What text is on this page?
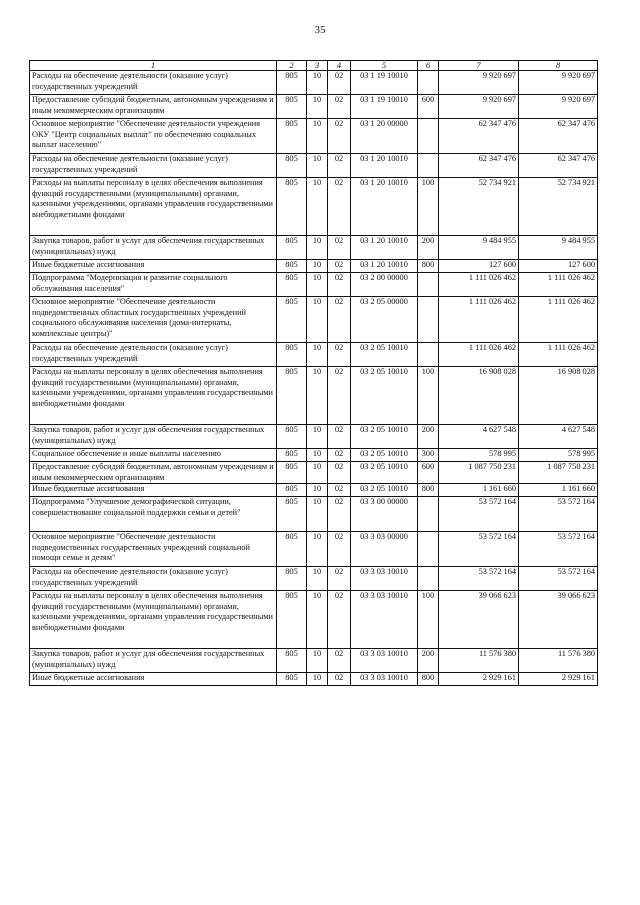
35
1	2	3	4	5	6	7	8
Расходы на обеспечение деятельности (оказание услуг) государственных учреждений	805	10	02	03 1 19 10010		9 920 697	9 920 697
Предоставление субсидий бюджетным, автономным учреждениям и иным некоммерческим организациям	805	10	02	03 1 19 10010	600	9 920 697	9 920 697
Основное мероприятие "Обеспечение деятельности учреждения ОКУ "Центр социальных выплат" по обеспечению социальных выплат населению"	805	10	02	03 1 20 00000		62 347 476	62 347 476
Расходы на обеспечение деятельности (оказание услуг) государственных учреждений	805	10	02	03 1 20 10010		62 347 476	62 347 476
Расходы на выплаты персоналу в целях обеспечения выполнения функций государственными (муниципальными) органами, казенными учреждениями, органами управления государственными внебюджетными фондами	805	10	02	03 1 20 10010	100	52 734 921	52 734 921
Закупка товаров, работ и услуг для обеспечения государственных (муниципальных) нужд	805	10	02	03 1 20 10010	200	9 484 955	9 484 955
Иные бюджетные ассигнования	805	10	02	03 1 20 10010	800	127 600	127 600
Подпрограмма "Модернизация и развитие социального обслуживания населения"	805	10	02	03 2 00 00000		1 111 026 462	1 111 026 462
Основное мероприятие "Обеспечение деятельности подведомственных областных государственных учреждений социального обслуживания населения (дома-интернаты, комплексные центры)"	805	10	02	03 2 05 00000		1 111 026 462	1 111 026 462
Расходы на обеспечение деятельности (оказание услуг) государственных учреждений	805	10	02	03 2 05 10010		1 111 026 462	1 111 026 462
Расходы на выплаты персоналу в целях обеспечения выполнения функций государственными (муниципальными) органами, казенными учреждениями, органами управления государственными внебюджетными фондами	805	10	02	03 2 05 10010	100	16 908 028	16 908 028
Закупка товаров, работ и услуг для обеспечения государственных (муниципальных) нужд	805	10	02	03 2 05 10010	200	4 627 548	4 627 548
Социальное обеспечение и иные выплаты населению	805	10	02	03 2 05 10010	300	578 995	578 995
Предоставление субсидий бюджетным, автономным учреждениям и иным некоммерческим организациям	805	10	02	03 2 05 10010	600	1 087 750 231	1 087 750 231
Иные бюджетные ассигнования	805	10	02	03 2 05 10010	800	1 161 660	1 161 660
Подпрограмма "Улучшение демографической ситуации, совершенствование социальной поддержки семьи и детей"	805	10	02	03 3 00 00000		53 572 164	53 572 164
Основное мероприятие "Обеспечение деятельности подведомственных государственных учреждений социальной помощи семье и детям"	805	10	02	03 3 03 00000		53 572 164	53 572 164
Расходы на обеспечение деятельности (оказание услуг) государственных учреждений	805	10	02	03 3 03 10010		53 572 164	53 572 164
Расходы на выплаты персоналу в целях обеспечения выполнения функций государственными (муниципальными) органами, казенными учреждениями, органами управления государственными внебюджетными фондами	805	10	02	03 3 03 10010	100	39 066 623	39 066 623
Закупка товаров, работ и услуг для обеспечения государственных (муниципальных) нужд	805	10	02	03 3 03 10010	200	11 576 380	11 576 380
Иные бюджетные ассигнования	805	10	02	03 3 03 10010	800	2 929 161	2 929 161
